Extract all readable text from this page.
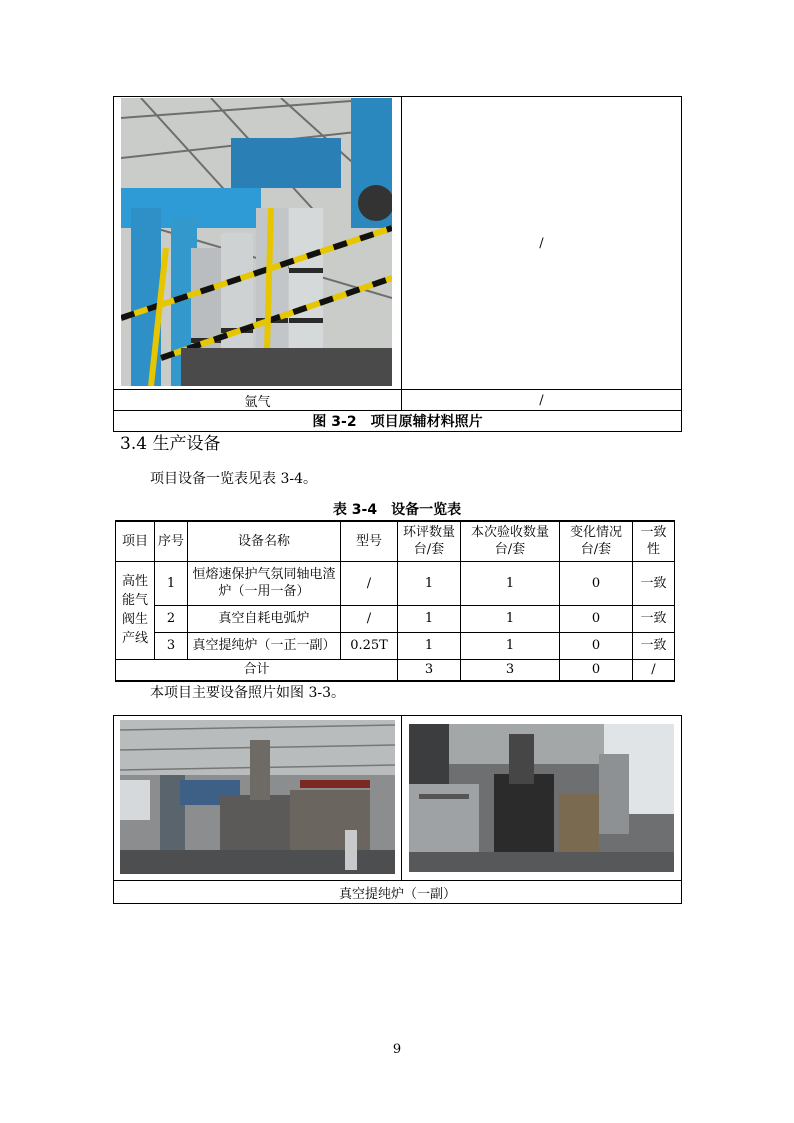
/
氩气	/
图 3-2　项目原辅材料照片
3.4 生产设备
项目设备一览表见表 3-4。
表 3-4　设备一览表
项目	序号	设备名称	型号	环评数量台/套	本次验收数量台/套	变化情况台/套	一致性
高性能气阀生产线	1	恒熔速保护气氛同轴电渣炉（一用一备）	/	1	1	0	一致
	2	真空自耗电弧炉	/	1	1	0	一致
	3	真空提纯炉（一正一副）	0.25T	1	1	0	一致
合计				3	3	0	/
本项目主要设备照片如图 3-3。
真空提纯炉（一副）
9
